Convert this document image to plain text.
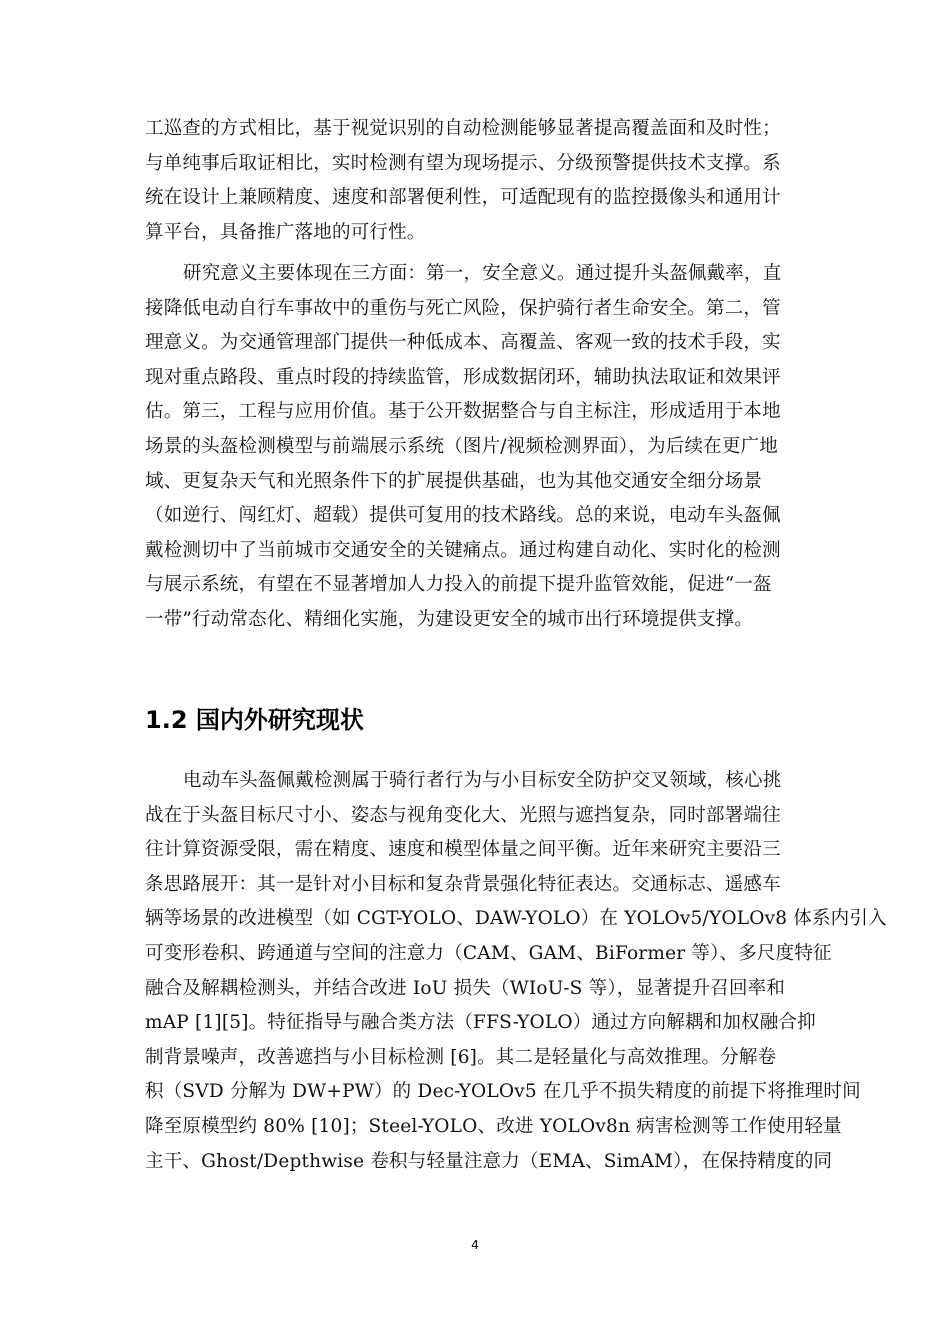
工巡查的方式相比，基于视觉识别的自动检测能够显著提高覆盖面和及时性；
与单纯事后取证相比，实时检测有望为现场提示、分级预警提供技术支撑。系
统在设计上兼顾精度、速度和部署便利性，可适配现有的监控摄像头和通用计
算平台，具备推广落地的可行性。
研究意义主要体现在三方面：第一，安全意义。通过提升头盔佩戴率，直
接降低电动自行车事故中的重伤与死亡风险，保护骑行者生命安全。第二，管
理意义。为交通管理部门提供一种低成本、高覆盖、客观一致的技术手段，实
现对重点路段、重点时段的持续监管，形成数据闭环，辅助执法取证和效果评
估。第三，工程与应用价值。基于公开数据整合与自主标注，形成适用于本地
场景的头盔检测模型与前端展示系统（图片/视频检测界面），为后续在更广地
域、更复杂天气和光照条件下的扩展提供基础，也为其他交通安全细分场景
（如逆行、闯红灯、超载）提供可复用的技术路线。总的来说，电动车头盔佩
戴检测切中了当前城市交通安全的关键痛点。通过构建自动化、实时化的检测
与展示系统，有望在不显著增加人力投入的前提下提升监管效能，促进“一盔
一带”行动常态化、精细化实施，为建设更安全的城市出行环境提供支撑。
1.2 国内外研究现状
电动车头盔佩戴检测属于骑行者行为与小目标安全防护交叉领域，核心挑
战在于头盔目标尺寸小、姿态与视角变化大、光照与遮挡复杂，同时部署端往
往计算资源受限，需在精度、速度和模型体量之间平衡。近年来研究主要沿三
条思路展开：其一是针对小目标和复杂背景强化特征表达。交通标志、遥感车
辆等场景的改进模型（如 CGT-YOLO、DAW-YOLO）在 YOLOv5/YOLOv8 体系内引入
可变形卷积、跨通道与空间的注意力（CAM、GAM、BiFormer 等）、多尺度特征
融合及解耦检测头，并结合改进 IoU 损失（WIoU-S 等），显著提升召回率和
mAP [1][5]。特征指导与融合类方法（FFS-YOLO）通过方向解耦和加权融合抑
制背景噪声，改善遮挡与小目标检测 [6]。其二是轻量化与高效推理。分解卷
积（SVD 分解为 DW+PW）的 Dec-YOLOv5 在几乎不损失精度的前提下将推理时间
降至原模型约 80% [10]；Steel-YOLO、改进 YOLOv8n 病害检测等工作使用轻量
主干、Ghost/Depthwise 卷积与轻量注意力（EMA、SimAM），在保持精度的同
4
